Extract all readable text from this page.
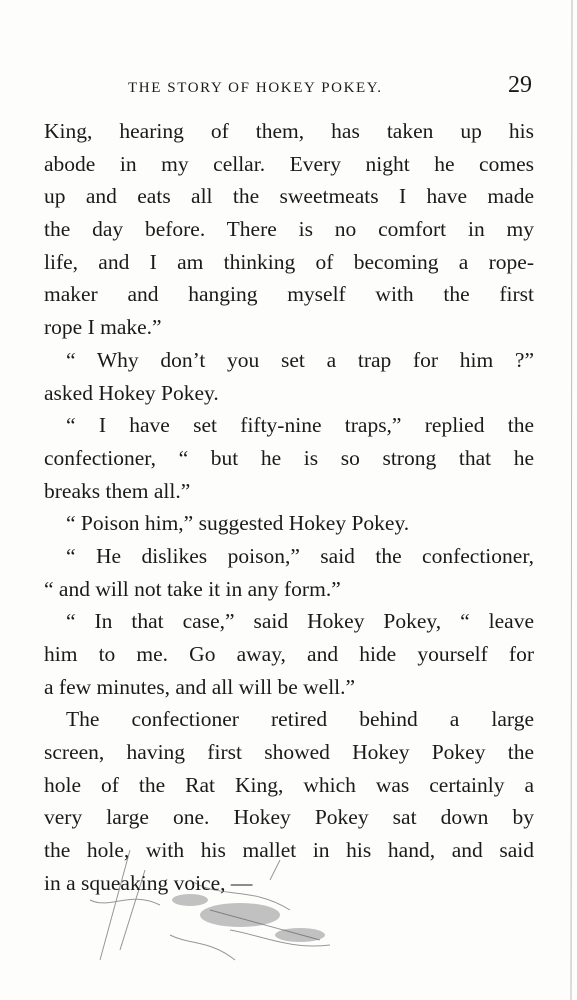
THE STORY OF HOKEY POKEY.	29
King, hearing of them, has taken up his
abode in my cellar. Every night he comes
up and eats all the sweetmeats I have made
the day before. There is no comfort in my
life, and I am thinking of becoming a rope-
maker and hanging myself with the first
rope I make.”
“ Why don’t you set a trap for him ?”
asked Hokey Pokey.
“ I have set fifty-nine traps,” replied the
confectioner, “ but he is so strong that he
breaks them all.”
“ Poison him,” suggested Hokey Pokey.
“ He dislikes poison,” said the confectioner,
“ and will not take it in any form.”
“ In that case,” said Hokey Pokey, “ leave
him to me. Go away, and hide yourself for
a few minutes, and all will be well.”
The confectioner retired behind a large
screen, having first showed Hokey Pokey the
hole of the Rat King, which was certainly a
very large one. Hokey Pokey sat down by
the hole, with his mallet in his hand, and said
in a squeaking voice, —
